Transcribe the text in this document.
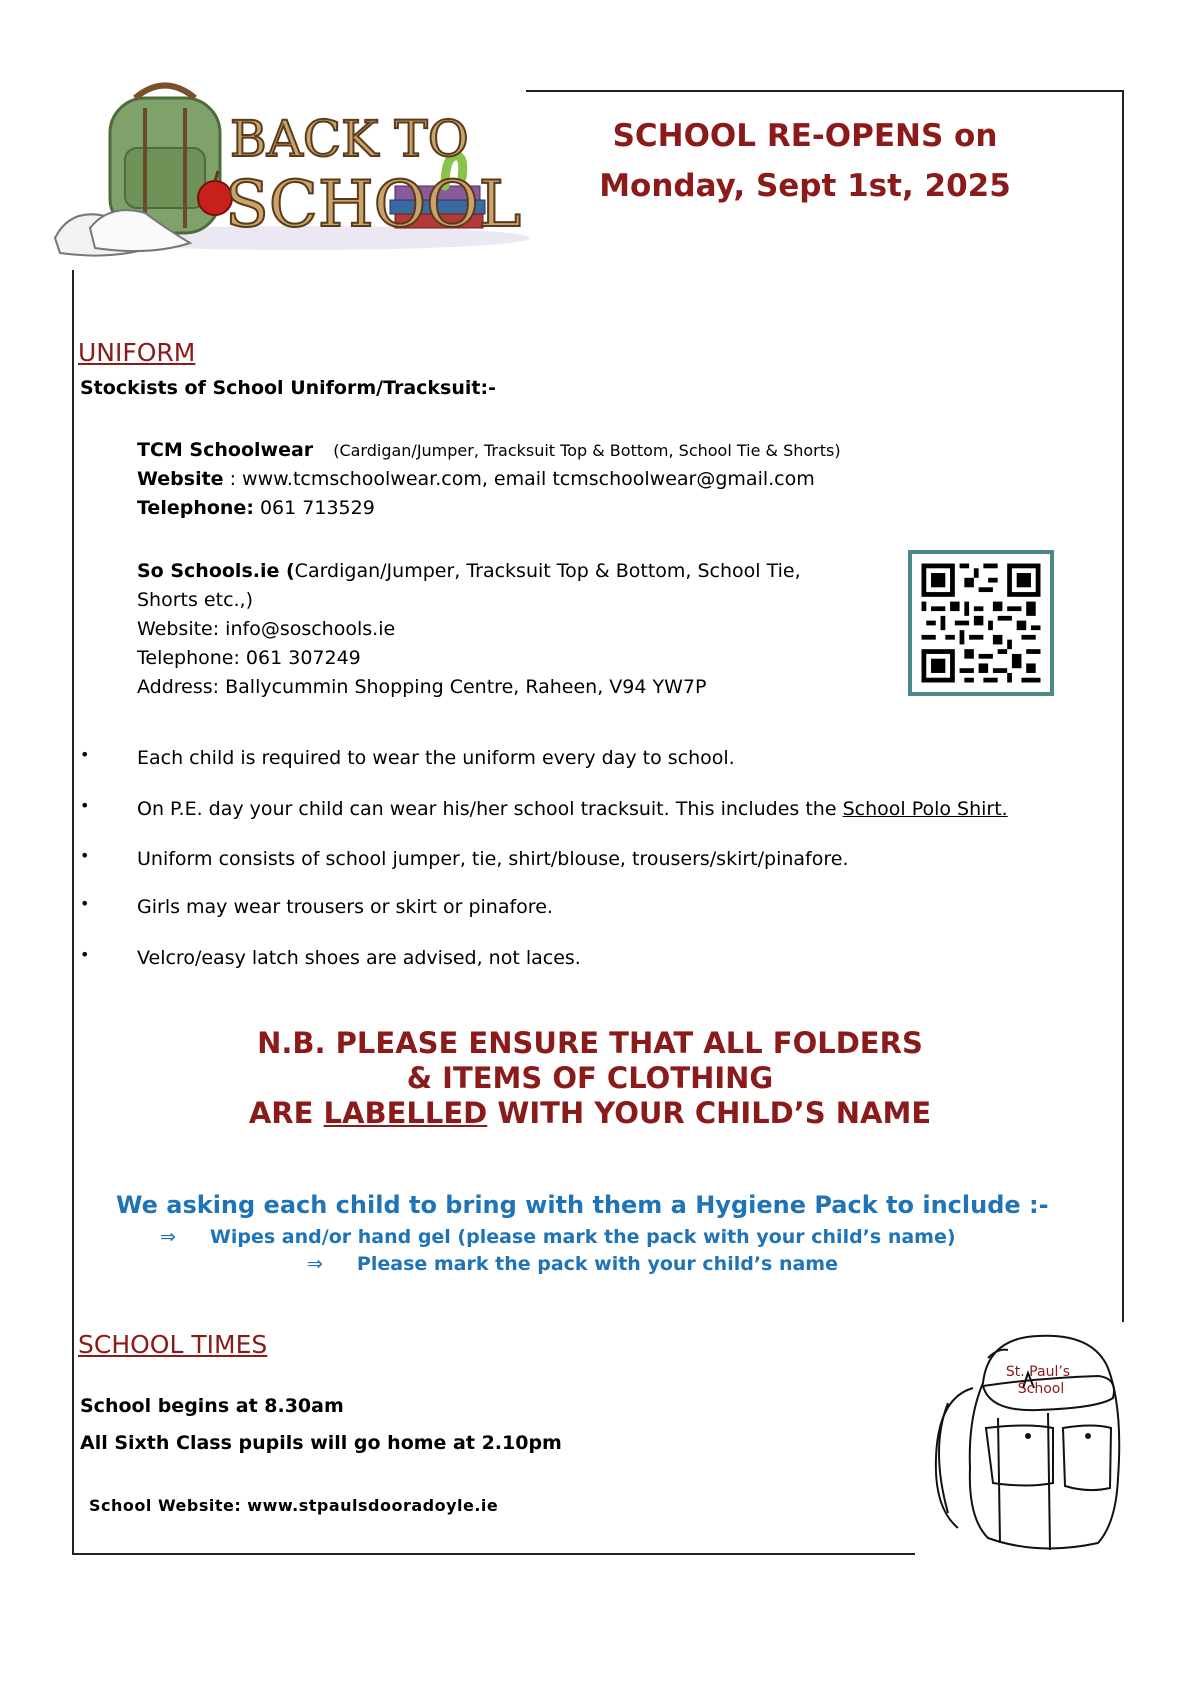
BACK TO
SCHOOL
SCHOOL RE-OPENS on
Monday, Sept 1st, 2025
UNIFORM
Stockists of School Uniform/Tracksuit:-
TCM Schoolwear (Cardigan/Jumper, Tracksuit Top & Bottom, School Tie & Shorts)
Website : www.tcmschoolwear.com, email tcmschoolwear@gmail.com
Telephone: 061 713529
So Schools.ie (Cardigan/Jumper, Tracksuit Top & Bottom, School Tie,
Shorts etc.,)
Website: info@soschools.ie
Telephone: 061 307249
Address: Ballycummin Shopping Centre, Raheen, V94 YW7P
•	Each child is required to wear the uniform every day to school.
•	On P.E. day your child can wear his/her school tracksuit. This includes the School Polo Shirt.
•	Uniform consists of school jumper, tie, shirt/blouse, trousers/skirt/pinafore.
•	Girls may wear trousers or skirt or pinafore.
•	Velcro/easy latch shoes are advised, not laces.
N.B. PLEASE ENSURE THAT ALL FOLDERS
& ITEMS OF CLOTHING
ARE LABELLED WITH YOUR CHILD’S NAME
We asking each child to bring with them a Hygiene Pack to include :-
⇒ Wipes and/or hand gel (please mark the pack with your child’s name)
⇒ Please mark the pack with your child’s name
SCHOOL TIMES
School begins at 8.30am
All Sixth Class pupils will go home at 2.10pm
School Website: www.stpaulsdooradoyle.ie
St. Paul’s
School
